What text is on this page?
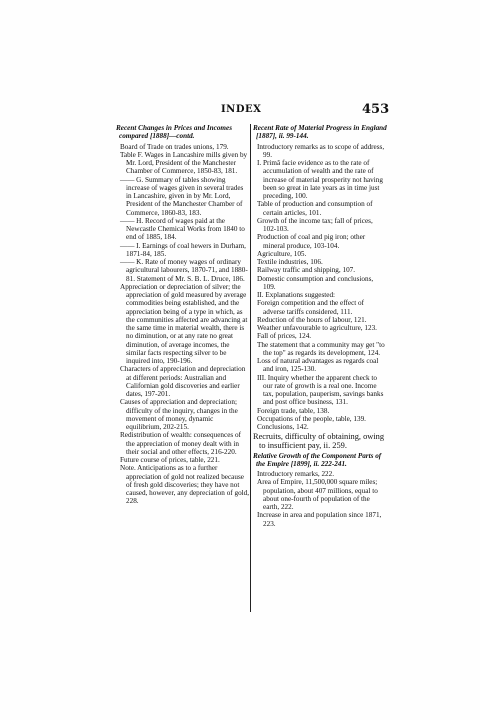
INDEX	453
Recent Changes in Prices and Incomes compared [1888]—contd.
Board of Trade on trades unions, 179.
Table F. Wages in Lancashire mills given by Mr. Lord, President of the Manchester Chamber of Commerce, 1850-83, 181.
—— G. Summary of tables showing increase of wages given in several trades in Lancashire, given in by Mr. Lord, President of the Manchester Chamber of Commerce, 1860-83, 183.
—— H. Record of wages paid at the Newcastle Chemical Works from 1840 to end of 1885, 184.
—— I. Earnings of coal hewers in Durham, 1871-84, 185.
—— K. Rate of money wages of ordinary agricultural labourers, 1870-71, and 1880-81. Statement of Mr. S. B. L. Druce, 186.
Appreciation or depreciation of silver; the appreciation of gold measured by average commodities being established, and the appreciation being of a type in which, as the communities affected are advancing at the same time in material wealth, there is no diminution, or at any rate no great diminution, of average incomes, the similar facts respecting silver to be inquired into, 190-196.
Characters of appreciation and depreciation at different periods: Australian and Californian gold discoveries and earlier dates, 197-201.
Causes of appreciation and depreciation; difficulty of the inquiry, changes in the movement of money, dynamic equilibrium, 202-215.
Redistribution of wealth: consequences of the appreciation of money dealt with in their social and other effects, 216-220.
Future course of prices, table, 221.
Note. Anticipations as to a further appreciation of gold not realized because of fresh gold discoveries; they have not caused, however, any depreciation of gold, 228.
Recent Rate of Material Progress in England [1887], ii. 99-144.
Introductory remarks as to scope of address, 99.
I. Primâ facie evidence as to the rate of accumulation of wealth and the rate of increase of material prosperity not having been so great in late years as in time just preceding, 100.
Table of production and consumption of certain articles, 101.
Growth of the income tax; fall of prices, 102-103.
Production of coal and pig iron; other mineral produce, 103-104.
Agriculture, 105.
Textile industries, 106.
Railway traffic and shipping, 107.
Domestic consumption and conclusions, 109.
II. Explanations suggested:
Foreign competition and the effect of adverse tariffs considered, 111.
Reduction of the hours of labour, 121.
Weather unfavourable to agriculture, 123.
Fall of prices, 124.
The statement that a community may get "to the top" as regards its development, 124.
Loss of natural advantages as regards coal and iron, 125-130.
III. Inquiry whether the apparent check to our rate of growth is a real one. Income tax, population, pauperism, savings banks and post office business, 131.
Foreign trade, table, 138.
Occupations of the people, table, 139.
Conclusions, 142.
Recruits, difficulty of obtaining, owing to insufficient pay, ii. 259.
Relative Growth of the Component Parts of the Empire [1899], ii. 222-241.
Introductory remarks, 222.
Area of Empire, 11,500,000 square miles; population, about 407 millions, equal to about one-fourth of population of the earth, 222.
Increase in area and population since 1871, 223.
